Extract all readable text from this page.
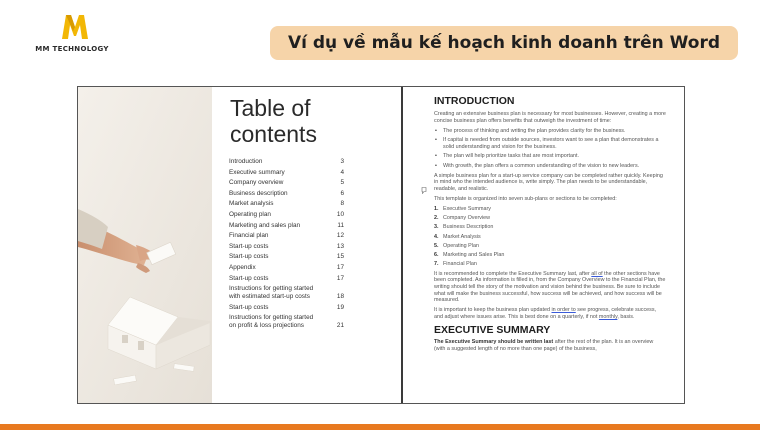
MM TECHNOLOGY	Ví dụ về mẫu kế hoạch kinh doanh trên Word
Table of contents
Introduction	3
Executive summary	4
Company overview	5
Business description	6
Market analysis	8
Operating plan	10
Marketing and sales plan	11
Financial plan	12
Start-up costs	13
Start-up costs	15
Appendix	17
Start-up costs	17
Instructions for getting started with estimated start-up costs	18
Start-up costs	19
Instructions for getting started on profit & loss projections	21
INTRODUCTION

Creating an extensive business plan is necessary for most businesses. However, creating a more concise business plan offers benefits that outweigh the investment of time:

• The process of thinking and writing the plan provides clarity for the business.
• If capital is needed from outside sources, investors want to see a plan that demonstrates a solid understanding and vision for the business.
• The plan will help prioritize tasks that are most important.
• With growth, the plan offers a common understanding of the vision to new leaders.

A simple business plan for a start-up service company can be completed rather quickly. Keeping in mind who the intended audience is, write simply. The plan needs to be understandable, readable, and realistic.

This template is organized into seven sub-plans or sections to be completed:

1. Executive Summary
2. Company Overview
3. Business Description
4. Market Analysis
5. Operating Plan
6. Marketing and Sales Plan
7. Financial Plan

It is recommended to complete the Executive Summary last, after all of the other sections have been completed. As information is filled in, from the Company Overview to the Financial Plan, the writing should tell the story of the motivation and vision behind the business. Be sure to include what will make the business successful, how success will be achieved, and how success will be measured.

It is important to keep the business plan updated in order to see progress, celebrate success, and adjust where issues arise. This is best done on a quarterly, if not monthly, basis.

EXECUTIVE SUMMARY

The Executive Summary should be written last after the rest of the plan. It is an overview (with a suggested length of no more than one page) of the business,
